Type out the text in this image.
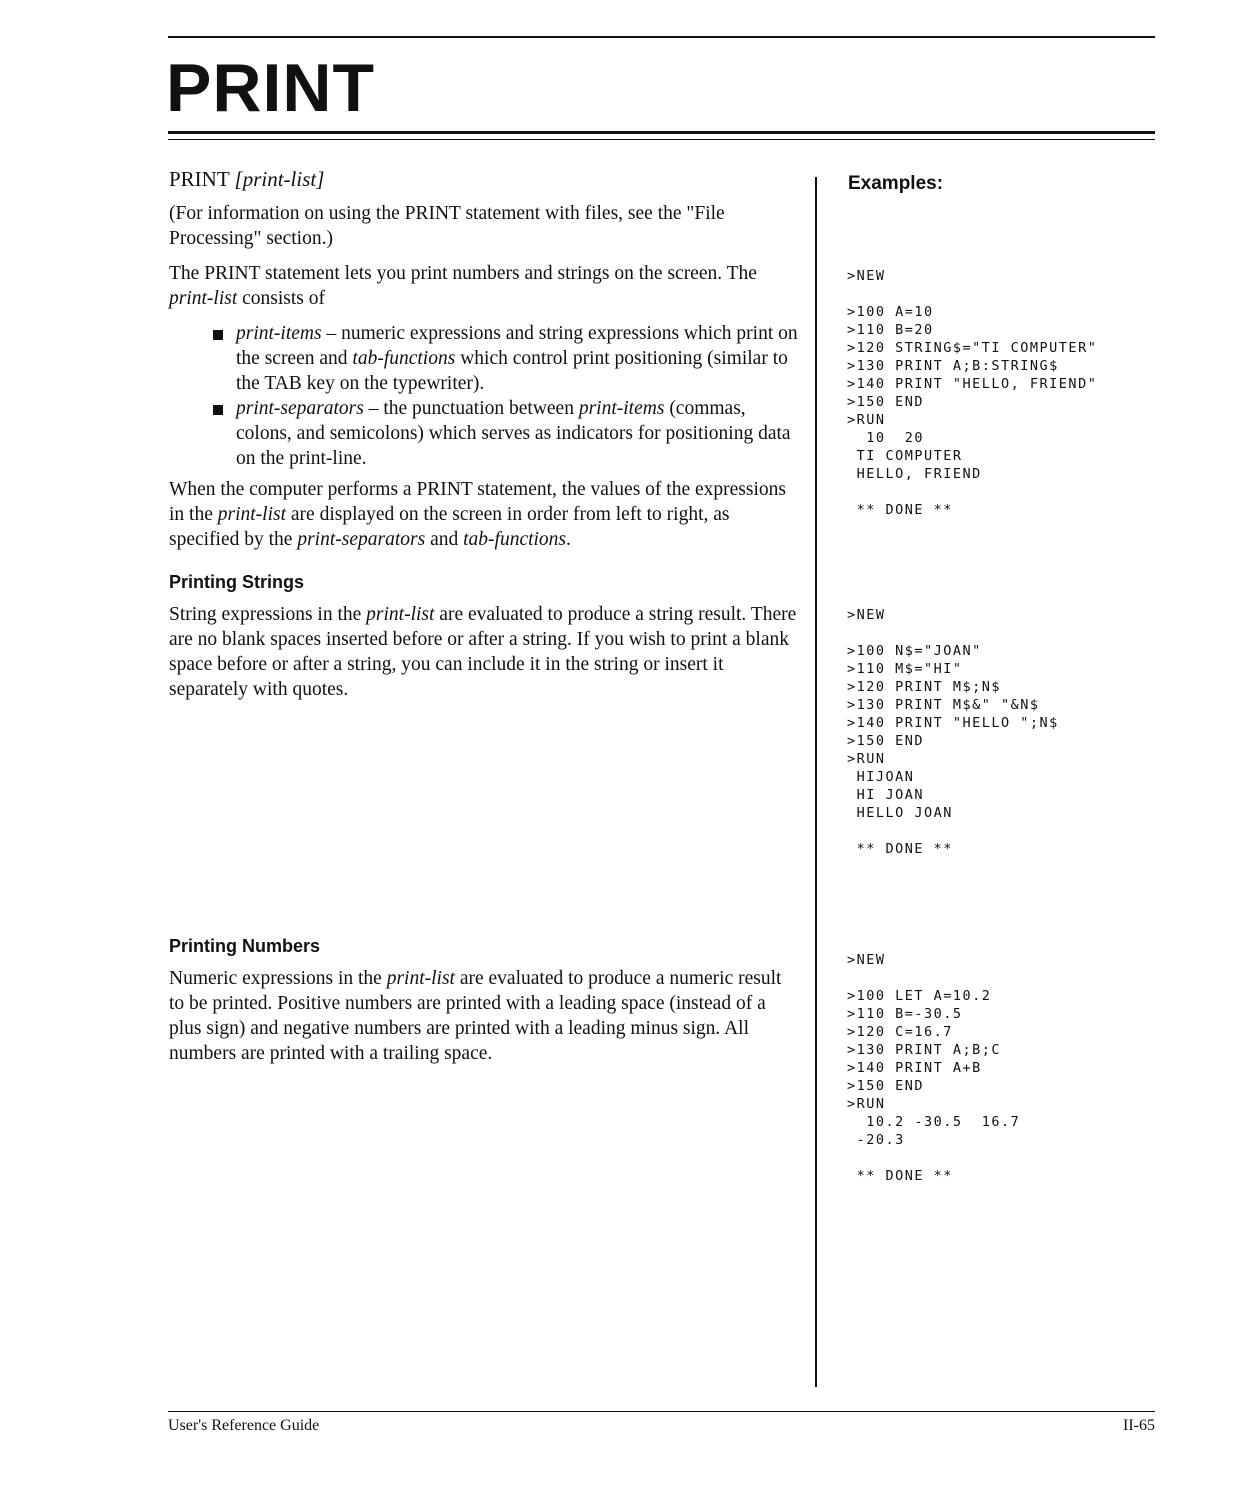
PRINT

PRINT [print-list]

(For information on using the PRINT statement with files, see the "File Processing" section.)

The PRINT statement lets you print numbers and strings on the screen. The print-list consists of

print-items – numeric expressions and string expressions which print on the screen and tab-functions which control print positioning (similar to the TAB key on the typewriter).
print-separators – the punctuation between print-items (commas, colons, and semicolons) which serves as indicators for positioning data on the print-line.

When the computer performs a PRINT statement, the values of the expressions in the print-list are displayed on the screen in order from left to right, as specified by the print-separators and tab-functions.

Printing Strings

String expressions in the print-list are evaluated to produce a string result. There are no blank spaces inserted before or after a string. If you wish to print a blank space before or after a string, you can include it in the string or insert it separately with quotes.

Printing Numbers

Numeric expressions in the print-list are evaluated to produce a numeric result to be printed. Positive numbers are printed with a leading space (instead of a plus sign) and negative numbers are printed with a leading minus sign. All numbers are printed with a trailing space.

Examples:

>NEW

>100 A=10
>110 B=20
>120 STRING$="TI COMPUTER"
>130 PRINT A;B:STRING$
>140 PRINT "HELLO, FRIEND"
>150 END
>RUN
10  20
TI COMPUTER
HELLO, FRIEND

** DONE **
>NEW

>100 N$="JOAN"
>110 M$="HI"
>120 PRINT M$;N$
>130 PRINT M$&" "&N$
>140 PRINT "HELLO ";N$
>150 END
>RUN
HIJOAN
HI JOAN
HELLO JOAN

** DONE **
>NEW

>100 LET A=10.2
>110 B=-30.5
>120 C=16.7
>130 PRINT A;B;C
>140 PRINT A+B
>150 END
>RUN
10.2 -30.5  16.7
-20.3

** DONE **

User's Reference Guide	II-65
